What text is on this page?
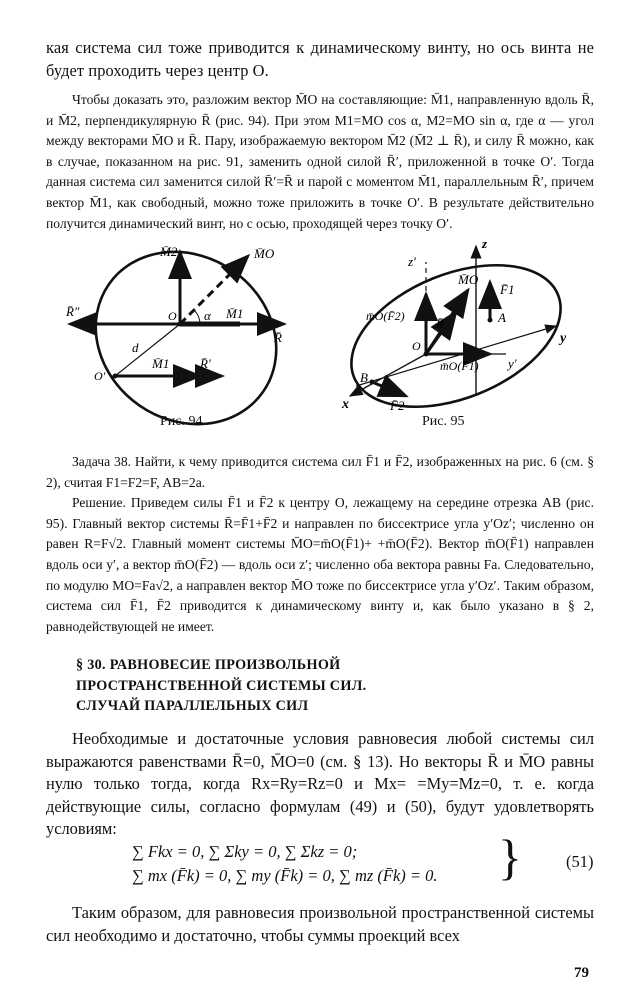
кая система сил тоже приводится к динамическому винту, но ось винта не будет проходить через центр O.

Чтобы доказать это, разложим вектор M̄O на составляющие: M̄1, направленную вдоль R̄, и M̄2, перпендикулярную R̄ (рис. 94). При этом M1=MO cos α, M2=MO sin α, где α — угол между векторами M̄O и R̄. Пару, изображаемую вектором M̄2 (M̄2 ⊥ R̄), и силу R̄ можно, как в случае, показанном на рис. 91, заменить одной силой R̄′, приложенной в точке O′. Тогда данная система сил заменится силой R̄′=R̄ и парой с моментом M̄1, параллельным R̄′, причем вектор M̄1, как свободный, можно тоже приложить в точке O′. В результате действительно получится динамический винт, но с осью, проходящей через точку O′.

M̄2	M̄O
R̄″	O α M̄1
R̄
d
O′
M̄1 R̄′
Рис. 94
z
z′
M̄O
F̄1
m̄O(F̄2) R̄	A
O	y
y′
m̄O(F̄1)
B
x	F̄2
Рис. 95

Задача 38. Найти, к чему приводится система сил F̄1 и F̄2, изображенных на рис. 6 (см. § 2), считая F1=F2=F, AB=2a.

Решение. Приведем силы F̄1 и F̄2 к центру O, лежащему на середине отрезка AB (рис. 95). Главный вектор системы R̄=F̄1+F̄2 и направлен по биссектрисе угла y′Oz′; численно он равен R=F√2. Главный момент системы M̄O=m̄O(F̄1)+ +m̄O(F̄2). Вектор m̄O(F̄1) направлен вдоль оси y′, а вектор m̄O(F̄2) — вдоль оси z′; численно оба вектора равны Fa. Следовательно, по модулю MO=Fa√2, а направлен вектор M̄O тоже по биссектрисе угла y′Oz′. Таким образом, система сил F̄1, F̄2 приводится к динамическому винту и, как было указано в § 2, равнодействующей не имеет.

§ 30. РАВНОВЕСИЕ ПРОИЗВОЛЬНОЙ
ПРОСТРАНСТВЕННОЙ СИСТЕМЫ СИЛ.
СЛУЧАЙ ПАРАЛЛЕЛЬНЫХ СИЛ

Необходимые и достаточные условия равновесия любой системы сил выражаются равенствами R̄=0, M̄O=0 (см. § 13). Но векторы R̄ и M̄O равны нулю только тогда, когда Rx=Ry=Rz=0 и Mx= =My=Mz=0, т. е. когда действующие силы, согласно формулам (49) и (50), будут удовлетворять условиям:

∑ Fkx = 0, ∑ Σky = 0, ∑ Σkz = 0;
∑ mx (F̄k) = 0, ∑ my (F̄k) = 0, ∑ mz (F̄k) = 0. }	(51)

Таким образом, для равновесия произвольной пространственной системы сил необходимо и достаточно, чтобы суммы проекций всех

79
